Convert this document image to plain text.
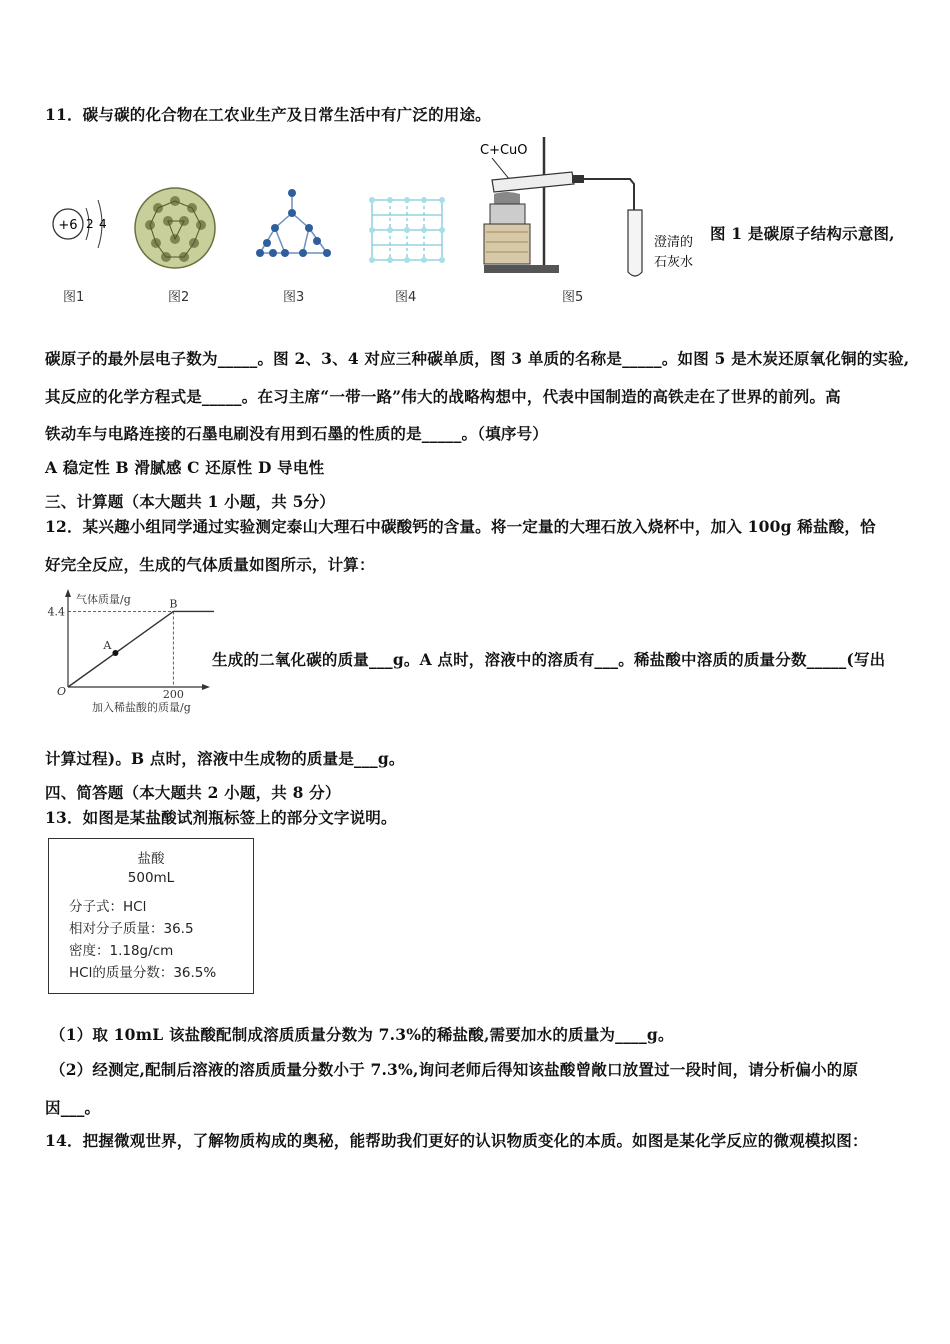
11．碳与碳的化合物在工农业生产及日常生活中有广泛的用途。
+6 2 4
C+CuO
澄清的
石灰水
图 1 是碳原子结构示意图,
图1	图2	图3	图4	图5
碳原子的最外层电子数为_____。图 2、3、4 对应三种碳单质，图 3 单质的名称是_____。如图 5 是木炭还原氧化铜的实验,
其反应的化学方程式是_____。在习主席“一带一路”伟大的战略构想中，代表中国制造的高铁走在了世界的前列。高
铁动车与电路连接的石墨电刷没有用到石墨的性质的是_____。（填序号）
A 稳定性 B 滑腻感 C 还原性 D 导电性
三、计算题（本大题共 1 小题，共 5分）
12．某兴趣小组同学通过实验测定泰山大理石中碳酸钙的含量。将一定量的大理石放入烧杯中，加入 100g 稀盐酸，恰
好完全反应，生成的气体质量如图所示，计算：
气体质量/g
加入稀盐酸的质量/g
O
4.4
200
A
B
生成的二氧化碳的质量___g。A 点时，溶液中的溶质有___。稀盐酸中溶质的质量分数_____(写出
计算过程)。B 点时，溶液中生成物的质量是___g。
四、简答题（本大题共 2 小题，共 8 分）
13．如图是某盐酸试剂瓶标签上的部分文字说明。
盐酸
500mL
分子式：HCl
相对分子质量：36.5
密度：1.18g/cm
HCl的质量分数：36.5%
（1）取 10mL 该盐酸配制成溶质质量分数为 7.3%的稀盐酸,需要加水的质量为____g。
（2）经测定,配制后溶液的溶质质量分数小于 7.3%,询问老师后得知该盐酸曾敞口放置过一段时间，请分析偏小的原
因___。
14．把握微观世界，了解物质构成的奥秘，能帮助我们更好的认识物质变化的本质。如图是某化学反应的微观模拟图：
